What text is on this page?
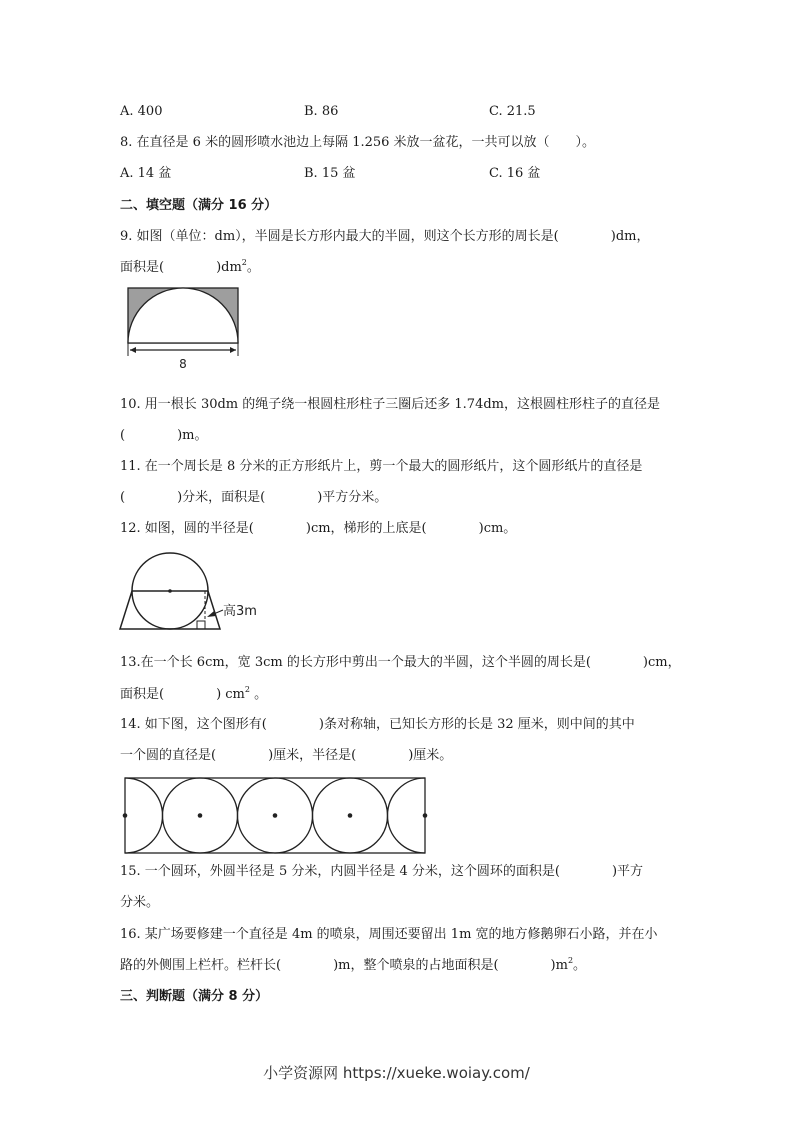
A. 400	B. 86	C. 21.5
8. 在直径是 6 米的圆形喷水池边上每隔 1.256 米放一盆花，一共可以放（　　）。
A. 14 盆	B. 15 盆	C. 16 盆
二、填空题（满分 16 分）
9. 如图（单位：dm），半圆是长方形内最大的半圆，则这个长方形的周长是(　　　　)dm，
面积是(　　　　)$dm^2$。
8
10. 用一根长 30dm 的绳子绕一根圆柱形柱子三圈后还多 1.74dm，这根圆柱形柱子的直径是
(　　　　)m。
11. 在一个周长是 8 分米的正方形纸片上，剪一个最大的圆形纸片，这个圆形纸片的直径是
(　　　　)分米，面积是(　　　　)平方分米。
12. 如图，圆的半径是(　　　　)cm，梯形的上底是(　　　　)cm。
高3m
13.在一个长 6cm，宽 3cm 的长方形中剪出一个最大的半圆，这个半圆的周长是(　　　　)cm，
面积是(　　　　) $cm^2$ 。
14. 如下图，这个图形有(　　　　)条对称轴，已知长方形的长是 32 厘米，则中间的其中
一个圆的直径是(　　　　)厘米，半径是(　　　　)厘米。
15. 一个圆环，外圆半径是 5 分米，内圆半径是 4 分米，这个圆环的面积是(　　　　)平方
分米。
16. 某广场要修建一个直径是 4m 的喷泉，周围还要留出 1m 宽的地方修鹅卵石小路，并在小
路的外侧围上栏杆。栏杆长(　　　　)m，整个喷泉的占地面积是(　　　　)$m^2$。
三、判断题（满分 8 分）
小学资源网 https://xueke.woiay.com/
